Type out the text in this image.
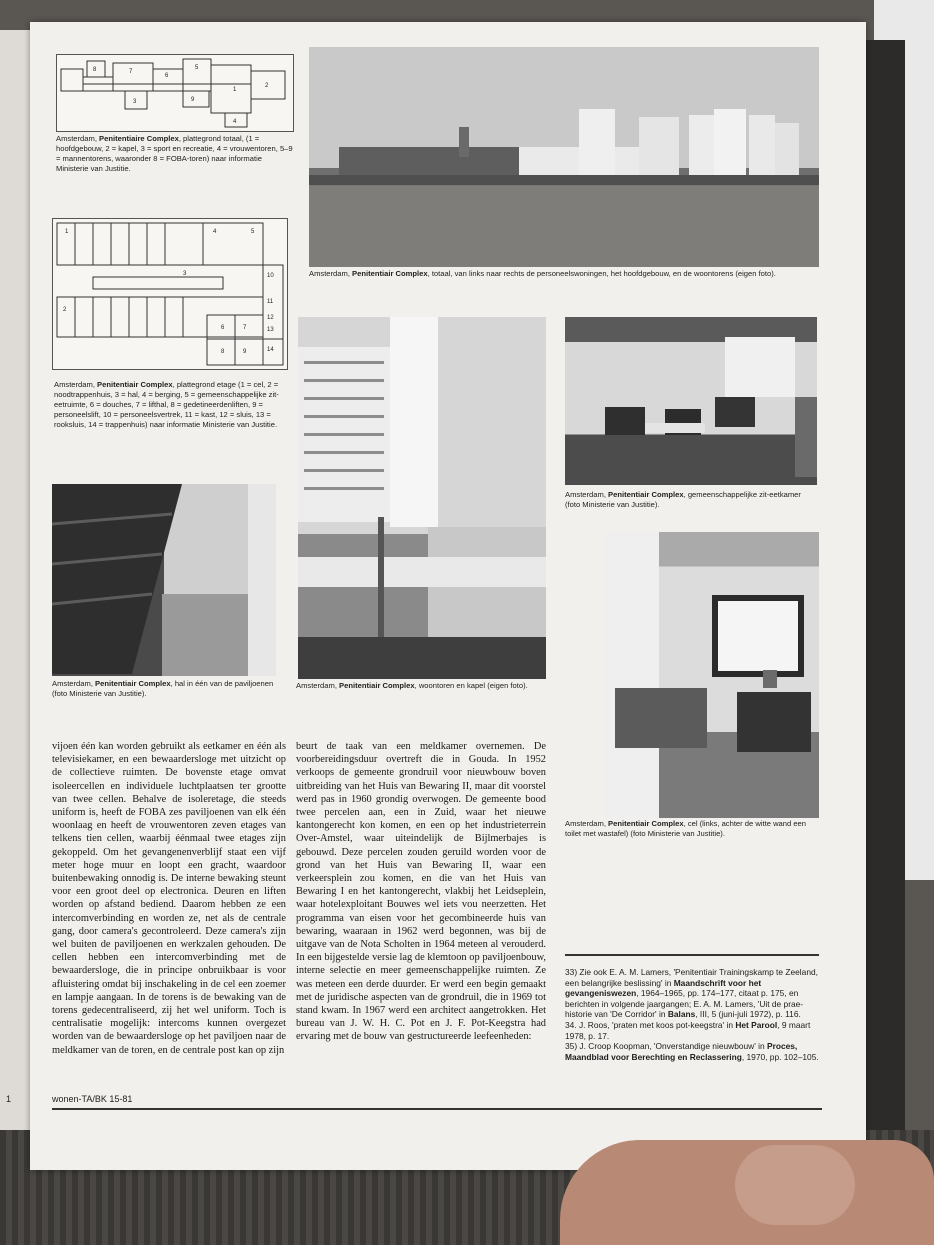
8	7
6
5
3	9
1
4
2
Amsterdam, Penitentiaire Complex, plattegrond totaal, (1 = hoofdgebouw, 2 = kapel, 3 = sport en recreatie, 4 = vrouwentoren, 5–9 = mannentorens, waaronder 8 = FOBA-toren) naar informatie Ministerie van Justitie.
Amsterdam, Penitentiair Complex, totaal, van links naar rechts de personeelswoningen, het hoofdgebouw, en de woontorens (eigen foto).
1
2
3
4	5
10
11
12
6	7
8	9
13
14
Amsterdam, Penitentiair Complex, plattegrond etage (1 = cel, 2 = noodtrappenhuis, 3 = hal, 4 = berging, 5 = gemeenschappelijke zit-eetruimte, 6 = douches, 7 = lifthal, 8 = gedetineerdenliften, 9 = personeelslift, 10 = personeelsvertrek, 11 = kast, 12 = sluis, 13 = rooksluis, 14 = trappenhuis) naar informatie Ministerie van Justitie.
Amsterdam, Penitentiair Complex, woontoren en kapel (eigen foto).
Amsterdam, Penitentiair Complex, gemeenschappelijke zit-eetkamer (foto Ministerie van Justitie).
Amsterdam, Penitentiair Complex, hal in één van de paviljoenen (foto Ministerie van Justitie).
Amsterdam, Penitentiair Complex, cel (links, achter de witte wand een toilet met wastafel) (foto Ministerie van Justitie).
vijoen één kan worden gebruikt als eetkamer en één als televisiekamer, en een bewaardersloge met uitzicht op de collectieve ruimten. De bovenste etage omvat isoleercellen en individuele luchtplaatsen ter grootte van twee cellen. Behalve de isoleretage, die steeds uniform is, heeft de FOBA zes paviljoenen van elk één woonlaag en heeft de vrouwentoren zeven etages van telkens tien cellen, waarbij éénmaal twee etages zijn gekoppeld. Om het gevangenenverblijf staat een vijf meter hoge muur en loopt een gracht, waardoor buitenbewaking onnodig is. De interne bewaking steunt voor een groot deel op electronica. Deuren en liften worden op afstand bediend. Daarom hebben ze een intercomverbinding en worden ze, net als de centrale gang, door camera's gecontroleerd. Deze camera's zijn wel buiten de paviljoenen en werkzalen gehouden. De cellen hebben een intercomverbinding met de bewaardersloge, die in principe onbruikbaar is voor afluistering omdat bij inschakeling in de cel een zoemer en lampje aangaan. In de torens is de bewaking van de torens gedecentraliseerd, zij het wel uniform. Toch is centralisatie mogelijk: intercoms kunnen overgezet worden van de bewaardersloge op het paviljoen naar de meldkamer van de toren, en de centrale post kan op zijn
beurt de taak van een meldkamer overnemen. De voorbereidingsduur overtreft die in Gouda. In 1952 verkoops de gemeente grondruil voor nieuwbouw boven uitbreiding van het Huis van Bewaring II, maar dit voorstel werd pas in 1960 grondig overwogen. De gemeente bood twee percelen aan, een in Zuid, waar het nieuwe kantongerecht kon komen, en een op het industrieterrein Over-Amstel, waar uiteindelijk de Bijlmerbajes is gebouwd. Deze percelen zouden geruild worden voor de grond van het Huis van Bewaring II, waar een verkeersplein zou komen, en die van het Huis van Bewaring I en het kantongerecht, vlakbij het Leidseplein, waar hotelexploitant Bouwes wel iets vou neerzetten. Het programma van eisen voor het gecombineerde huis van bewaring, waaraan in 1962 werd begonnen, was bij de uitgave van de Nota Scholten in 1964 meteen al verouderd. In een bijgestelde versie lag de klemtoon op paviljoenbouw, interne selectie en meer gemeenschappelijke ruimten. Ze was meteen een derde duurder. Er werd een begin gemaakt met de juridische aspecten van de grondruil, die in 1969 tot stand kwam. In 1967 werd een architect aangetrokken. Het bureau van J. W. H. C. Pot en J. F. Pot-Keegstra had ervaring met de bouw van gestructureerde leefeenheden:
33) Zie ook E. A. M. Lamers, 'Penitentiair Trainingskamp te Zeeland, een belangrijke beslissing' in Maandschrift voor het gevangeniswezen, 1964–1965, pp. 174–177, citaat p. 175, en berichten in volgende jaargangen; E. A. M. Lamers, 'Uit de prae-historie van 'De Corridor' in Balans, III, 5 (juni-juli 1972), p. 116.
34. J. Roos, 'praten met koos pot-keegstra' in Het Parool, 9 maart 1978, p. 17.
35) J. Croop Koopman, 'Onverstandige nieuwbouw' in Proces, Maandblad voor Berechting en Reclassering, 1970, pp. 102–105.
wonen-TA/BK 15-81
1
